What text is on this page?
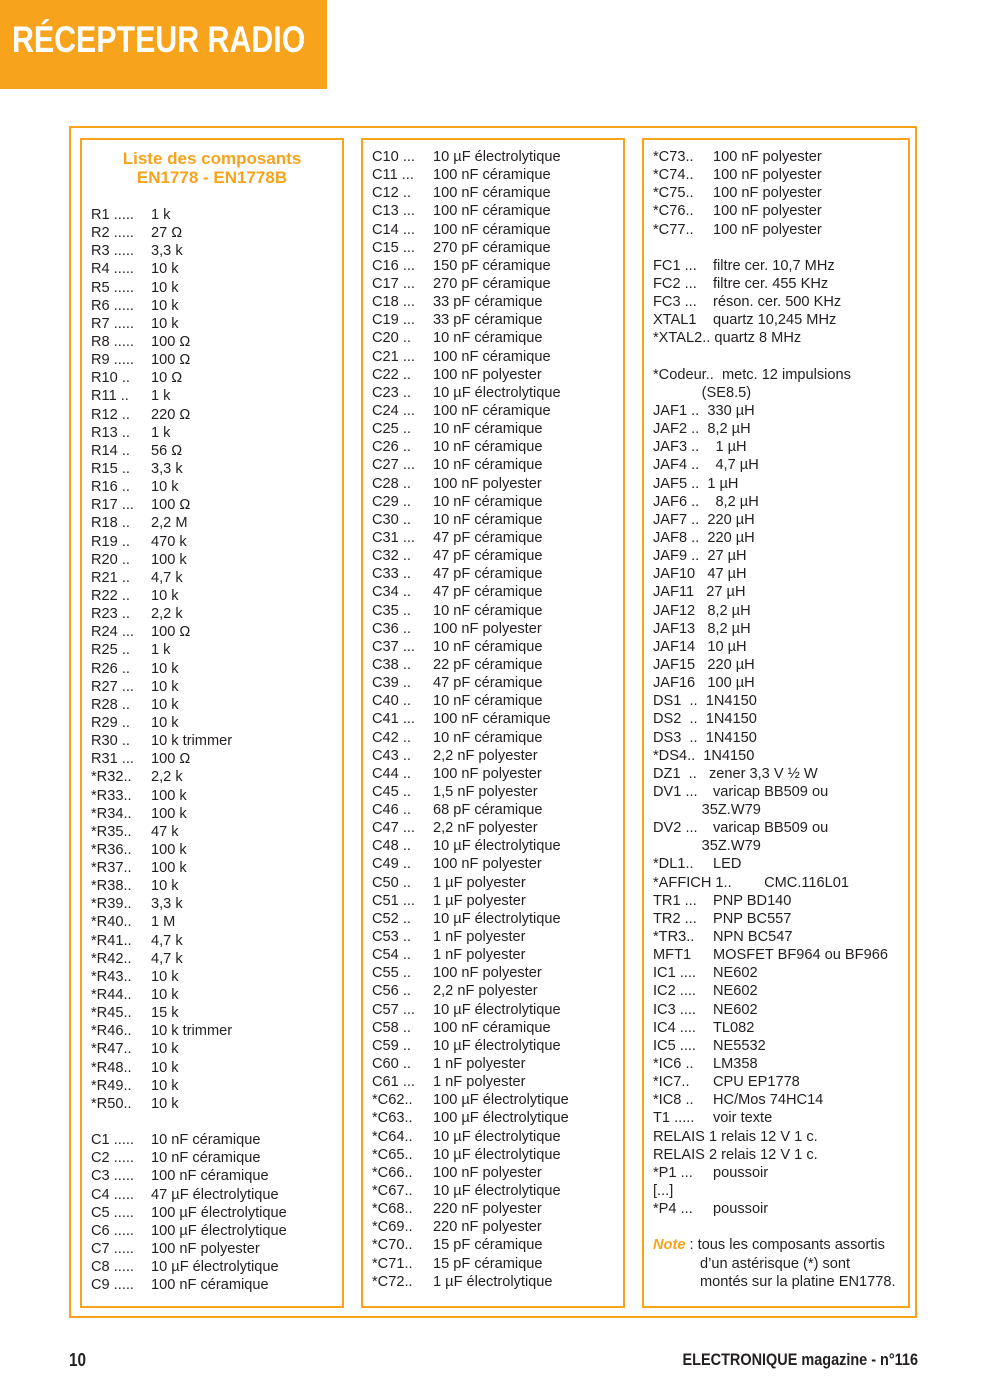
RÉCEPTEUR RADIO
Liste des composants
EN1778 - EN1778B
R1 ..... 1 k
R2 ..... 27 Ω
R3 ..... 3,3 k
R4 ..... 10 k
R5 ..... 10 k
R6 ..... 10 k
R7 ..... 10 k
R8 ..... 100 Ω
R9 ..... 100 Ω
R10 .. 10 Ω
R11 .. 1 k
R12 .. 220 Ω
R13 .. 1 k
R14 .. 56 Ω
R15 .. 3,3 k
R16 .. 10 k
R17 ... 100 Ω
R18 .. 2,2 M
R19 .. 470 k
R20 .. 100 k
R21 .. 4,7 k
R22 .. 10 k
R23 .. 2,2 k
R24 ... 100 Ω
R25 .. 1 k
R26 .. 10 k
R27 ... 10 k
R28 .. 10 k
R29 .. 10 k
R30 .. 10 k trimmer
R31 ... 100 Ω
*R32.. 2,2 k
*R33.. 100 k
*R34.. 100 k
*R35.. 47 k
*R36.. 100 k
*R37.. 100 k
*R38.. 10 k
*R39.. 3,3 k
*R40.. 1 M
*R41.. 4,7 k
*R42.. 4,7 k
*R43.. 10 k
*R44.. 10 k
*R45.. 15 k
*R46.. 10 k trimmer
*R47.. 10 k
*R48.. 10 k
*R49.. 10 k
*R50.. 10 k
C1 ..... 10 nF céramique
C2 ..... 10 nF céramique
C3 ..... 100 nF céramique
C4 ..... 47 µF électrolytique
C5 ..... 100 µF électrolytique
C6 ..... 100 µF électrolytique
C7 ..... 100 nF polyester
C8 ..... 10 µF électrolytique
C9 ..... 100 nF céramique
C10 ... 10 µF électrolytique
C11 ... 100 nF céramique
C12 .. 100 nF céramique
C13 ... 100 nF céramique
C14 ... 100 nF céramique
C15 ... 270 pF céramique
C16 ... 150 pF céramique
C17 ... 270 pF céramique
C18 ... 33 pF céramique
C19 ... 33 pF céramique
C20 .. 10 nF céramique
C21 ... 100 nF céramique
C22 .. 100 nF polyester
C23 .. 10 µF électrolytique
C24 ... 100 nF céramique
C25 .. 10 nF céramique
C26 .. 10 nF céramique
C27 ... 10 nF céramique
C28 .. 100 nF polyester
C29 .. 10 nF céramique
C30 .. 10 nF céramique
C31 ... 47 pF céramique
C32 .. 47 pF céramique
C33 .. 47 pF céramique
C34 .. 47 pF céramique
C35 .. 10 nF céramique
C36 .. 100 nF polyester
C37 ... 10 nF céramique
C38 .. 22 pF céramique
C39 .. 47 pF céramique
C40 .. 10 nF céramique
C41 ... 100 nF céramique
C42 .. 10 nF céramique
C43 .. 2,2 nF polyester
C44 .. 100 nF polyester
C45 .. 1,5 nF polyester
C46 .. 68 pF céramique
C47 ... 2,2 nF polyester
C48 .. 10 µF électrolytique
C49 .. 100 nF polyester
C50 .. 1 µF polyester
C51 ... 1 µF polyester
C52 .. 10 µF électrolytique
C53 .. 1 nF polyester
C54 .. 1 nF polyester
C55 .. 100 nF polyester
C56 .. 2,2 nF polyester
C57 ... 10 µF électrolytique
C58 .. 100 nF céramique
C59 .. 10 µF électrolytique
C60 .. 1 nF polyester
C61 ... 1 nF polyester
*C62.. 100 µF électrolytique
*C63.. 100 µF électrolytique
*C64.. 10 µF électrolytique
*C65.. 10 µF électrolytique
*C66.. 100 nF polyester
*C67.. 10 µF électrolytique
*C68.. 220 nF polyester
*C69.. 220 nF polyester
*C70.. 15 pF céramique
*C71.. 15 pF céramique
*C72.. 1 µF électrolytique
*C73.. 100 nF polyester
*C74.. 100 nF polyester
*C75.. 100 nF polyester
*C76.. 100 nF polyester
*C77.. 100 nF polyester
FC1 ... filtre cer. 10,7 MHz
FC2 ... filtre cer. 455 KHz
FC3 ... réson. cer. 500 KHz
XTAL1 quartz 10,245 MHz
*XTAL2.. quartz 8 MHz
*Codeur..  metc. 12 impulsions
(SE8.5)
JAF1 ..  330 µH
JAF2 ..  8,2 µH
JAF3 ..    1 µH
JAF4 ..    4,7 µH
JAF5 ..  1 µH
JAF6 ..    8,2 µH
JAF7 ..  220 µH
JAF8 ..  220 µH
JAF9 ..  27 µH
JAF10   47 µH
JAF11   27 µH
JAF12   8,2 µH
JAF13   8,2 µH
JAF14   10 µH
JAF15   220 µH
JAF16   100 µH
DS1  ..  1N4150
DS2  ..  1N4150
DS3  ..  1N4150
*DS4..  1N4150
DZ1  ..   zener 3,3 V ½ W
DV1 ... varicap BB509 ou
35Z.W79
DV2 ... varicap BB509 ou
35Z.W79
*DL1.. LED
*AFFICH 1..        CMC.116L01
TR1 ... PNP BD140
TR2 ... PNP BC557
*TR3.. NPN BC547
MFT1 MOSFET BF964 ou BF966
IC1 .... NE602
IC2 .... NE602
IC3 .... NE602
IC4 .... TL082
IC5 .... NE5532
*IC6 .. LM358
*IC7.. CPU EP1778
*IC8 .. HC/Mos 74HC14
T1 ..... voir texte
RELAIS 1 relais 12 V 1 c.
RELAIS 2 relais 12 V 1 c.
*P1 ... poussoir
[...]
*P4 ... poussoir
Note : tous les composants assortis
d’un astérisque (*) sont
montés sur la platine EN1778.
10	ELECTRONIQUE magazine - n°116
